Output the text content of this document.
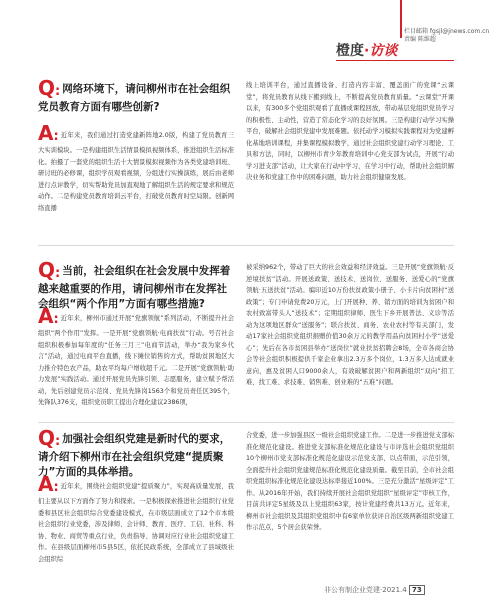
栏目邮箱 fgsjl@jnews.com.cn
责编 陈维超
橙度·访谈
Q: 网络环境下，请问柳州市在社会组织党员教育方面有哪些创新?
A: 近年来，我们通过打造党建新阵地2.0版，构建了党员教育三大实训模块。一是构建组织生活情景模拟视频体系，推进组织生活标准化。拍摄了一套党的组织生活十大情景模拟视频作为各类党建培训班、研讨班的必修课，组织学员观看视频，分组进行实操演练，展后由老师进行点评教学，切实帮助党员加直观地了解组织生活的规定要求和规范动作。二是构建党员教育培训云平台，打破党员教育时空局限。创新网络直播

线上培训平台，通过直播设备、打造内容丰富、覆盖面广的党课“云课堂”，将党员教育从线下搬到线上，不断提高党员教育质量。“云课堂”开课以来，有300多个党组织观看了直播或课程回放，带动基层党组织党员学习的积极性、主动性，营造了常态化学习的良好氛围。三是构建行动学习实操平台，破解社会组织党建中发展难题。依托动学习模拟实践课程对为党建孵化基地培训课程，并集课程模拟教学，通过社会组织党建行动学习理论、工具和方法，同时，以柳州市青少年教育培训中心党支部为试点，开展“行动学习进支部”活动，让大家在行动中学习，在学习中行动，帮助社会组织解决业务和党建工作中的困难问题，助力社会组织健康发展。

Q: 当前，社会组织在社会发展中发挥着越来越重要的作用，请问柳州市在发挥社会组织“两个作用”方面有哪些措施?
A: 近年来，柳州市通过开展“党旗领航”系列活动，不断提升社会组织“两个作用”发挥。一是开展“党旗领航·电商扶贫”行动。号召社会组织积极参加每年度的“任务三月三”电商节活动，举办“我为家乡代言”活动，通过电商平台直播，线下摊位销售的方式，帮助贫困地区大力推介特色农产品，助农平均每户增收超千元。二是开展“党旗领航·助力发展”实践活动。通过开展党员先锋引领、志愿服务，建立赋予帮活动，先后创建党员示范岗、党员先锋岗1563个和党员责任区395个，先锋队376支，组织党员职工提出合理化建议2386项，

被采纳962个，带动了巨大的社会效益和经济效益。三是开展“党旗领航·反逆境扶贫”活动。开展送政策、送技术、送岗位、送服务、送爱心的“党旗领航·五送扶贫”活动。编印近10万份扶贫政策小册子、小卡片向贫困村“送政策”；专门申请党费20万元，上门开展种、养、销方面的培训为贫困户和农村致富带头人“送技术”；定期组织律师、医生下乡开展普法、义诊等活动为这项地区群众“送服务”；联合扶贫、商务、农业农村等有关部门，发动17家社会组织党组织捐赠价值30余万元的教学用品向贫困村小学“送爱心”；先后在各市贫困县举办“送岗位”就业扶贫招聘会8场，全市各商会协会等社会组织积极提供千家企业拿出2.3万多个岗位，1.3万多人达成就业意向，惠及贫困人口9000余人，有效破解贫困户和两新组织“双向”招工难、找工难、求技难、销售难、创业难的“五难”问题。

Q: 加强社会组织党建是新时代的要求，请介绍下柳州市在社会组织党建“提质聚力”方面的具体举措。
A: 近年来，围绕社会组织党建“提质聚力”，实现高质量发展，我们主要从以下方面作了努力和探索。一是积极探索推进社会组织行业党委和县区社会组织综合党委建设模式，在市级层面成立了12个市本级社会组织行业党委，涉及律师、会计师、教育、医疗、工信、社科、科协、物业、商贸等重点行业，负责指导、协调对应行业社会组织党建工作。在县级层面柳州市5县5区，依托民政系统，全部成立了县域级社会组织综

合党委，进一步加强县区一级社会组织党建工作。二是进一步推进党支部标准化规范化建设。推进党支部标准化规范化建设与市评选社会组织党组织10个柳州市党支部标准化规范化建设示范党支部，以点带面，示范引领，全面提升社会组织党建规范标准化规范化建设质量。截至目前，全市社会组织党组织标准化规范化建设达标率接近100%。三是充分激活“星级评定”工作。从2016年开始，我们持续开展社会组织党组织“星级评定”审核工作，目前共评定5星级及以上党组织63家，按计党建经费共13万元。近年来，柳州市社会组织及其组织党组织中有6家单位获评自治区级两新组织党建工作示范点，5个居会获荣誉。

非公有制企业党建·2021.4 73
